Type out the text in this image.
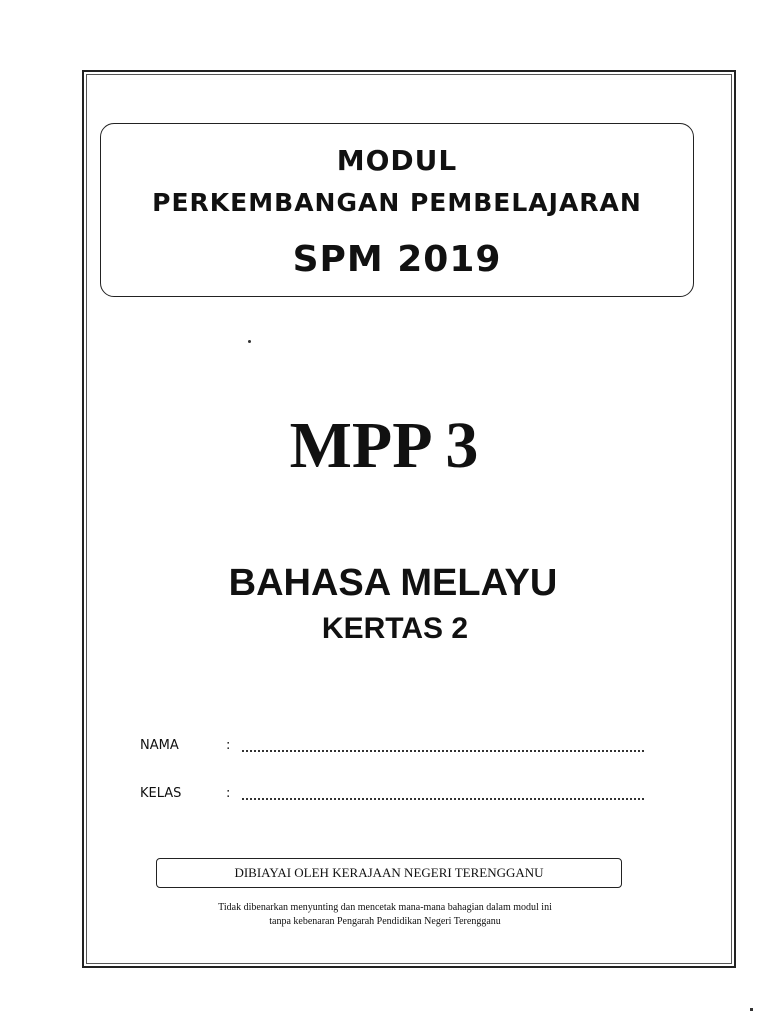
MODUL
PERKEMBANGAN PEMBELAJARAN
SPM 2019
MPP 3
BAHASA MELAYU
KERTAS 2
NAMA	:
KELAS	:
DIBIAYAI OLEH KERAJAAN NEGERI TERENGGANU
Tidak dibenarkan menyunting dan mencetak mana-mana bahagian dalam modul ini
tanpa kebenaran Pengarah Pendidikan Negeri Terengganu
